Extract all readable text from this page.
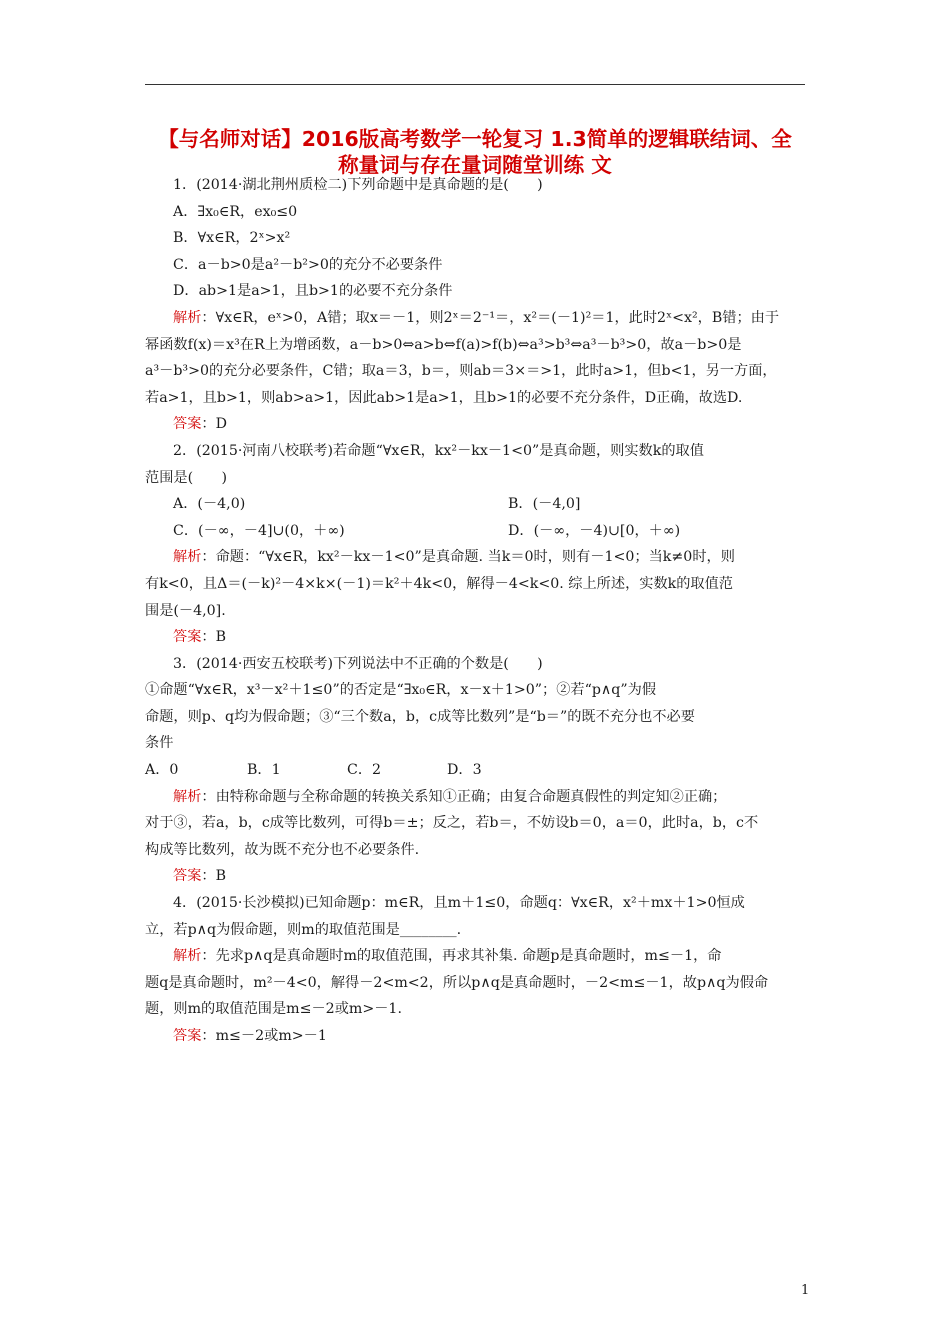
【与名师对话】2016版高考数学一轮复习 1.3简单的逻辑联结词、全
称量词与存在量词随堂训练 文
1．(2014·湖北荆州质检二)下列命题中是真命题的是(　　)
A．∃x₀∈R，ex₀≤0
B．∀x∈R，2ˣ>x²
C．a－b>0是a²－b²>0的充分不必要条件
D．ab>1是a>1，且b>1的必要不充分条件
解析：∀x∈R，eˣ>0，A错；取x＝－1，则2ˣ＝2⁻¹＝，x²＝(－1)²＝1，此时2ˣ<x²，B错；由于
幂函数f(x)＝x³在R上为增函数，a－b>0⇔a>b⇔f(a)>f(b)⇔a³>b³⇔a³－b³>0，故a－b>0是
a³－b³>0的充分必要条件，C错；取a＝3，b＝，则ab＝3×＝>1，此时a>1，但b<1，另一方面，
若a>1，且b>1，则ab>a>1，因此ab>1是a>1，且b>1的必要不充分条件，D正确，故选D.
答案：D
2．(2015·河南八校联考)若命题“∀x∈R，kx²－kx－1<0”是真命题，则实数k的取值
范围是(　　)
A．(－4,0)	B．(－4,0]
C．(－∞，－4]∪(0，＋∞)	D．(－∞，－4)∪[0，＋∞)
解析：命题：“∀x∈R，kx²－kx－1<0”是真命题. 当k＝0时，则有－1<0；当k≠0时，则
有k<0，且Δ＝(－k)²－4×k×(－1)＝k²＋4k<0，解得－4<k<0. 综上所述，实数k的取值范
围是(－4,0].
答案：B
3．(2014·西安五校联考)下列说法中不正确的个数是(　　)
①命题“∀x∈R，x³－x²＋1≤0”的否定是“∃x₀∈R，x－x＋1>0”；②若“p∧q”为假
命题，则p、q均为假命题；③“三个数a，b，c成等比数列”是“b＝”的既不充分也不必要
条件
A．0	B．1	C．2	D．3
解析：由特称命题与全称命题的转换关系知①正确；由复合命题真假性的判定知②正确；
对于③，若a，b，c成等比数列，可得b＝±；反之，若b＝，不妨设b＝0，a＝0，此时a，b，c不
构成等比数列，故为既不充分也不必要条件.
答案：B
4．(2015·长沙模拟)已知命题p：m∈R，且m＋1≤0，命题q：∀x∈R，x²＋mx＋1>0恒成
立，若p∧q为假命题，则m的取值范围是________.
解析：先求p∧q是真命题时m的取值范围，再求其补集. 命题p是真命题时，m≤－1，命
题q是真命题时，m²－4<0，解得－2<m<2，所以p∧q是真命题时，－2<m≤－1，故p∧q为假命
题，则m的取值范围是m≤－2或m>－1.
答案：m≤－2或m>－1
1
